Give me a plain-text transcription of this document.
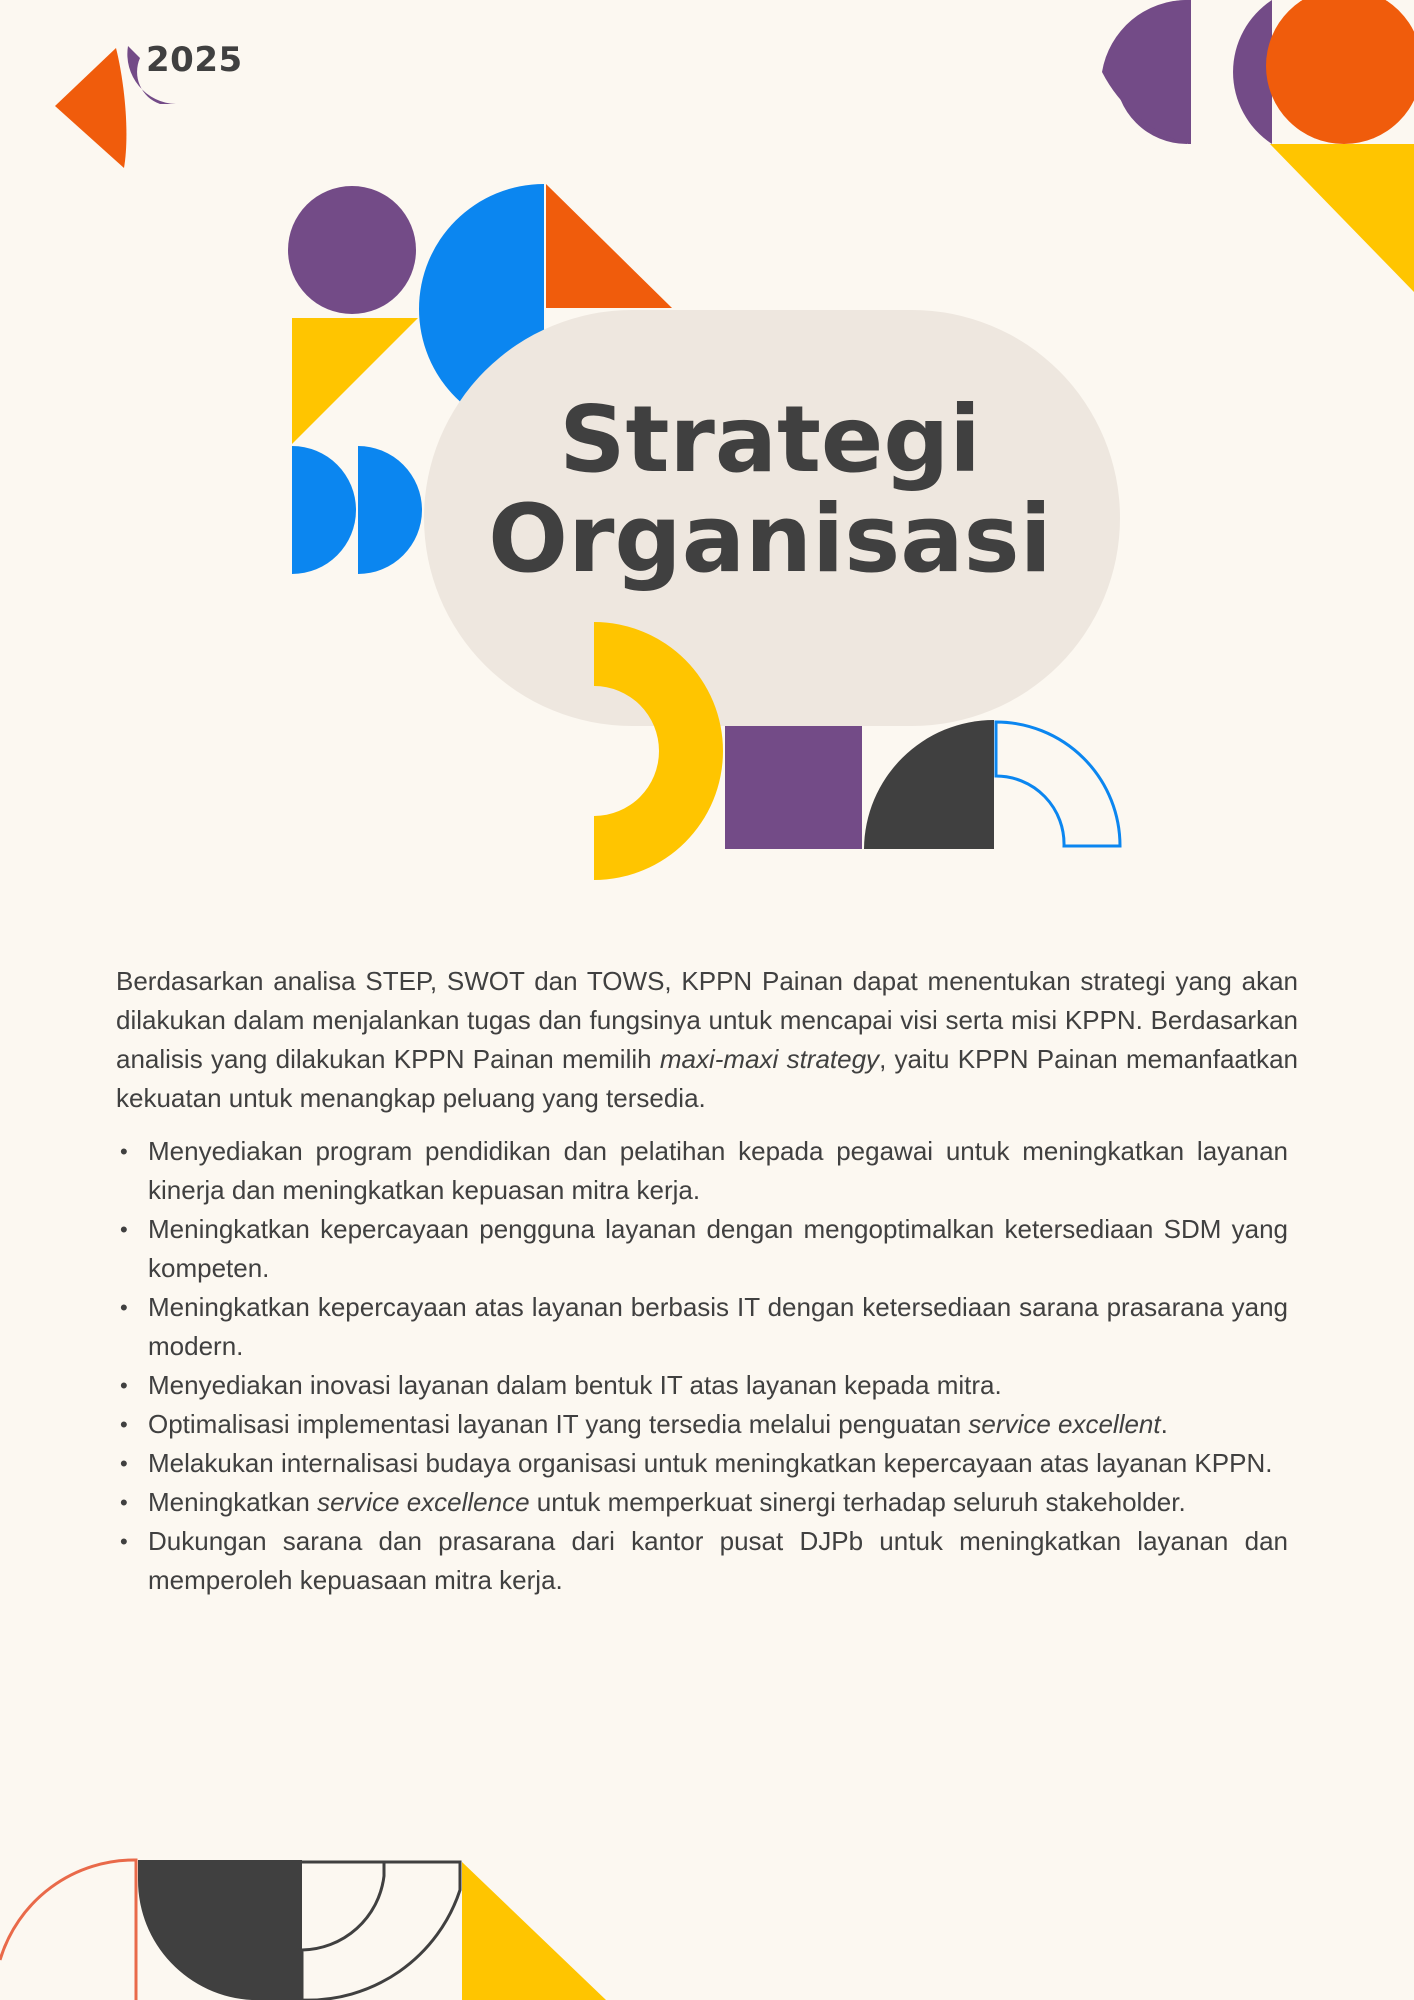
2025
Strategi
Organisasi

Berdasarkan analisa STEP, SWOT dan TOWS, KPPN Painan dapat menentukan strategi yang akan dilakukan dalam menjalankan tugas dan fungsinya untuk mencapai visi serta misi KPPN. Berdasarkan analisis yang dilakukan KPPN Painan memilih maxi-maxi strategy, yaitu KPPN Painan memanfaatkan kekuatan untuk menangkap peluang yang tersedia.

• Menyediakan program pendidikan dan pelatihan kepada pegawai untuk meningkatkan layanan kinerja dan meningkatkan kepuasan mitra kerja.
• Meningkatkan kepercayaan pengguna layanan dengan mengoptimalkan ketersediaan SDM yang kompeten.
• Meningkatkan kepercayaan atas layanan berbasis IT dengan ketersediaan sarana prasarana yang modern.
• Menyediakan inovasi layanan dalam bentuk IT atas layanan kepada mitra.
• Optimalisasi implementasi layanan IT yang tersedia melalui penguatan service excellent.
• Melakukan internalisasi budaya organisasi untuk meningkatkan kepercayaan atas layanan KPPN.
• Meningkatkan service excellence untuk memperkuat sinergi terhadap seluruh stakeholder.
• Dukungan sarana dan prasarana dari kantor pusat DJPb untuk meningkatkan layanan dan memperoleh kepuasaan mitra kerja.
